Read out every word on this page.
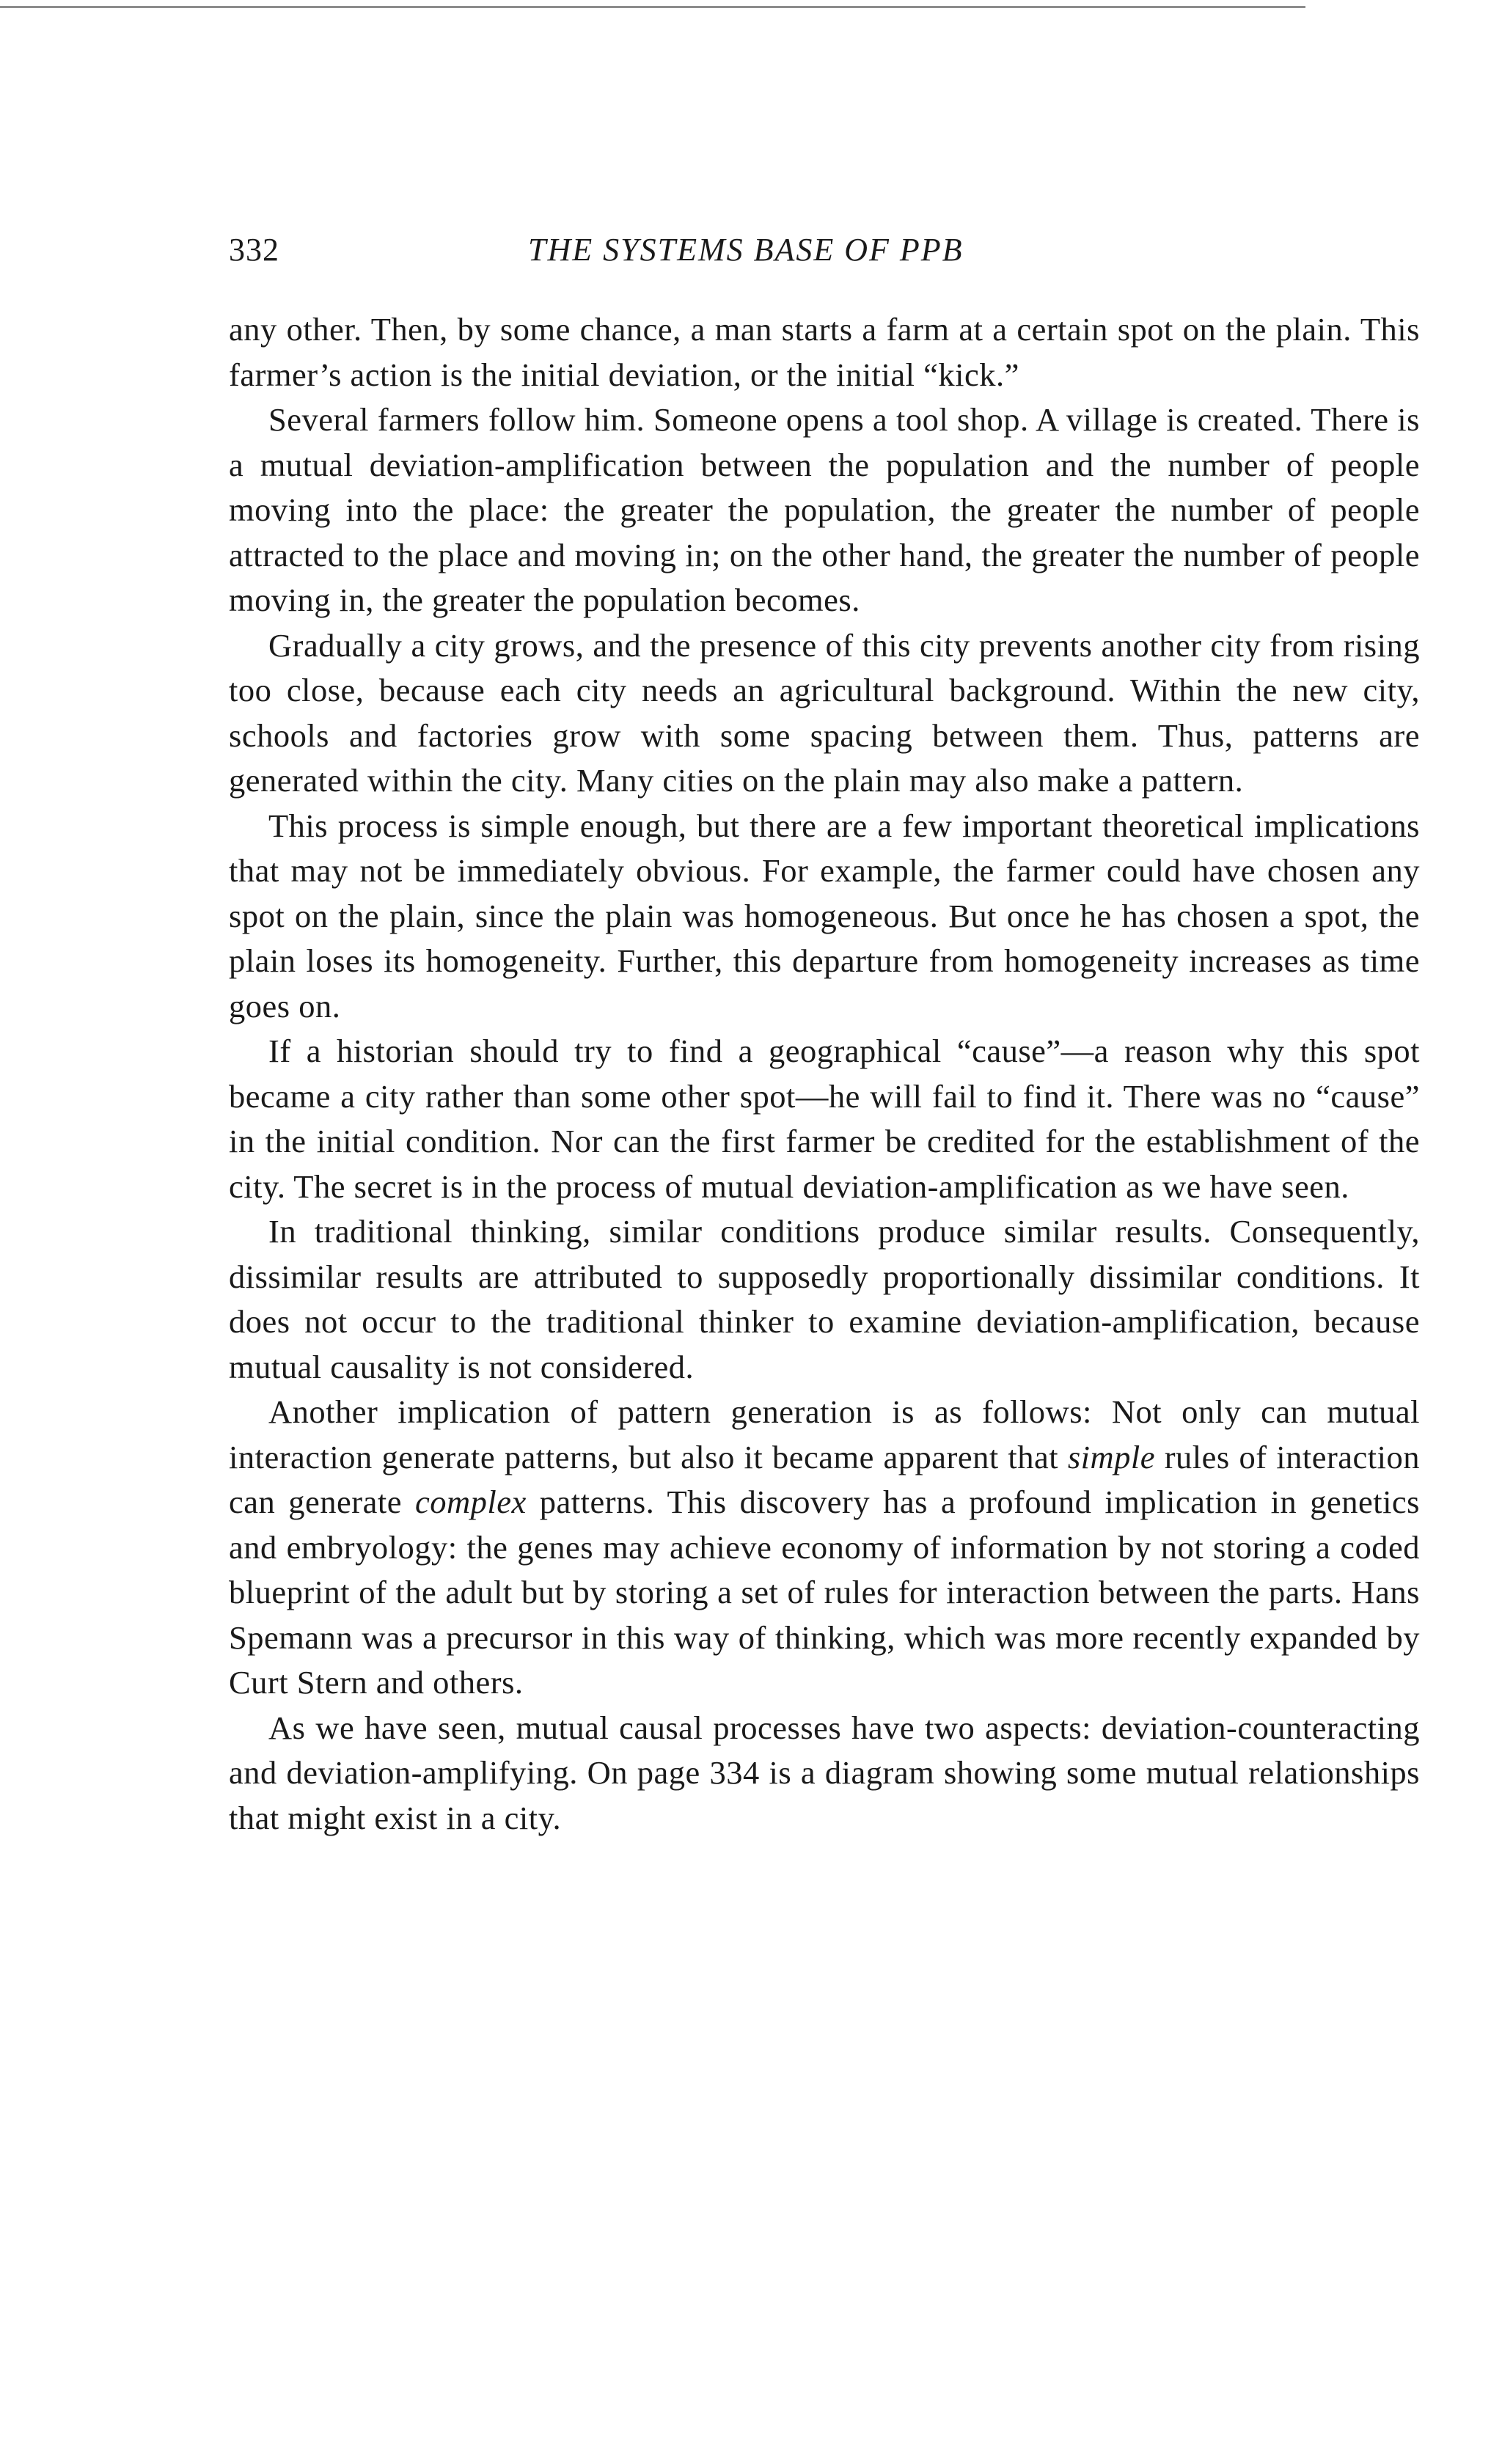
332	THE SYSTEMS BASE OF PPB

any other. Then, by some chance, a man starts a farm at a certain spot on the plain. This farmer’s action is the initial deviation, or the initial “kick.”

Several farmers follow him. Someone opens a tool shop. A village is created. There is a mutual deviation-amplification between the population and the number of people moving into the place: the greater the population, the greater the number of people attracted to the place and moving in; on the other hand, the greater the number of people moving in, the greater the population becomes.

Gradually a city grows, and the presence of this city prevents another city from rising too close, because each city needs an agricultural background. Within the new city, schools and factories grow with some spacing between them. Thus, patterns are generated within the city. Many cities on the plain may also make a pattern.

This process is simple enough, but there are a few important theoretical implications that may not be immediately obvious. For example, the farmer could have chosen any spot on the plain, since the plain was homogeneous. But once he has chosen a spot, the plain loses its homogeneity. Further, this departure from homogeneity increases as time goes on.

If a historian should try to find a geographical “cause”—a reason why this spot became a city rather than some other spot—he will fail to find it. There was no “cause” in the initial condition. Nor can the first farmer be credited for the establishment of the city. The secret is in the process of mutual deviation-amplification as we have seen.

In traditional thinking, similar conditions produce similar results. Consequently, dissimilar results are attributed to supposedly proportionally dissimilar conditions. It does not occur to the traditional thinker to examine deviation-amplification, because mutual causality is not considered.

Another implication of pattern generation is as follows: Not only can mutual interaction generate patterns, but also it became apparent that simple rules of interaction can generate complex patterns. This discovery has a profound implication in genetics and embryology: the genes may achieve economy of information by not storing a coded blueprint of the adult but by storing a set of rules for interaction between the parts. Hans Spemann was a precursor in this way of thinking, which was more recently expanded by Curt Stern and others.

As we have seen, mutual causal processes have two aspects: deviation-counteracting and deviation-amplifying. On page 334 is a diagram showing some mutual relationships that might exist in a city.
